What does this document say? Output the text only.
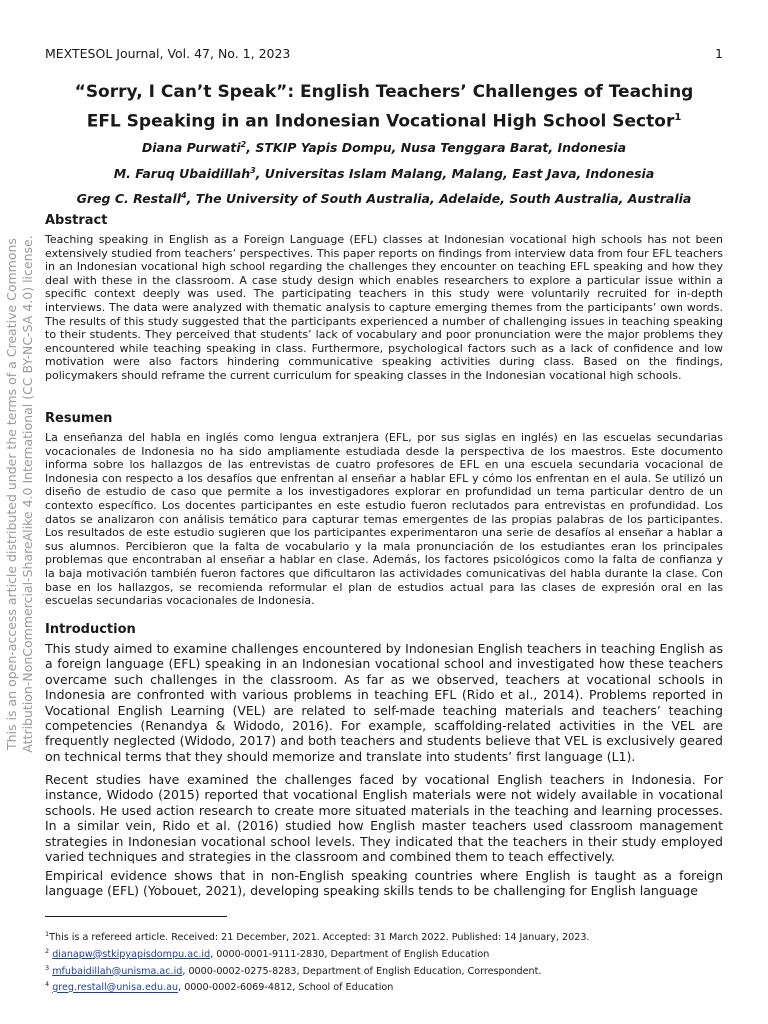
This is an open-access article distributed under the terms of a Creative Commons Attribution-NonCommercial-ShareAlike 4.0 International (CC BY-NC-SA 4.0) license.
MEXTESOL Journal, Vol. 47, No. 1, 2023	1
“Sorry, I Can’t Speak”: English Teachers’ Challenges of Teaching
EFL Speaking in an Indonesian Vocational High School Sector$^1$
Diana Purwati$^2$, STKIP Yapis Dompu, Nusa Tenggara Barat, Indonesia
M. Faruq Ubaidillah$^3$, Universitas Islam Malang, Malang, East Java, Indonesia
Greg C. Restall$^4$, The University of South Australia, Adelaide, South Australia, Australia
Abstract

Teaching speaking in English as a Foreign Language (EFL) classes at Indonesian vocational high schools has not been extensively studied from teachers’ perspectives. This paper reports on findings from interview data from four EFL teachers in an Indonesian vocational high school regarding the challenges they encounter on teaching EFL speaking and how they deal with these in the classroom. A case study design which enables researchers to explore a particular issue within a specific context deeply was used. The participating teachers in this study were voluntarily recruited for in-depth interviews. The data were analyzed with thematic analysis to capture emerging themes from the participants’ own words. The results of this study suggested that the participants experienced a number of challenging issues in teaching speaking to their students. They perceived that students’ lack of vocabulary and poor pronunciation were the major problems they encountered while teaching speaking in class. Furthermore, psychological factors such as a lack of confidence and low motivation were also factors hindering communicative speaking activities during class. Based on the findings, policymakers should reframe the current curriculum for speaking classes in the Indonesian vocational high schools.

Resumen

La enseñanza del habla en inglés como lengua extranjera (EFL, por sus siglas en inglés) en las escuelas secundarias vocacionales de Indonesia no ha sido ampliamente estudiada desde la perspectiva de los maestros. Este documento informa sobre los hallazgos de las entrevistas de cuatro profesores de EFL en una escuela secundaria vocacional de Indonesia con respecto a los desafíos que enfrentan al enseñar a hablar EFL y cómo los enfrentan en el aula. Se utilizó un diseño de estudio de caso que permite a los investigadores explorar en profundidad un tema particular dentro de un contexto específico. Los docentes participantes en este estudio fueron reclutados para entrevistas en profundidad. Los datos se analizaron con análisis temático para capturar temas emergentes de las propias palabras de los participantes. Los resultados de este estudio sugieren que los participantes experimentaron una serie de desafíos al enseñar a hablar a sus alumnos. Percibieron que la falta de vocabulario y la mala pronunciación de los estudiantes eran los principales problemas que encontraban al enseñar a hablar en clase. Además, los factores psicológicos como la falta de confianza y la baja motivación también fueron factores que dificultaron las actividades comunicativas del habla durante la clase. Con base en los hallazgos, se recomienda reformular el plan de estudios actual para las clases de expresión oral en las escuelas secundarias vocacionales de Indonesia.

Introduction

This study aimed to examine challenges encountered by Indonesian English teachers in teaching English as a foreign language (EFL) speaking in an Indonesian vocational school and investigated how these teachers overcame such challenges in the classroom. As far as we observed, teachers at vocational schools in Indonesia are confronted with various problems in teaching EFL (Rido et al., 2014). Problems reported in Vocational English Learning (VEL) are related to self-made teaching materials and teachers’ teaching competencies (Renandya & Widodo, 2016). For example, scaffolding-related activities in the VEL are frequently neglected (Widodo, 2017) and both teachers and students believe that VEL is exclusively geared on technical terms that they should memorize and translate into students’ first language (L1).

Recent studies have examined the challenges faced by vocational English teachers in Indonesia. For instance, Widodo (2015) reported that vocational English materials were not widely available in vocational schools. He used action research to create more situated materials in the teaching and learning processes. In a similar vein, Rido et al. (2016) studied how English master teachers used classroom management strategies in Indonesian vocational school levels. They indicated that the teachers in their study employed varied techniques and strategies in the classroom and combined them to teach effectively.

Empirical evidence shows that in non-English speaking countries where English is taught as a foreign language (EFL) (Yobouet, 2021), developing speaking skills tends to be challenging for English language

$^1$This is a refereed article. Received: 21 December, 2021. Accepted: 31 March 2022. Published: 14 January, 2023.
$^2$ dianapw@stkipyapisdompu.ac.id, 0000-0001-9111-2830, Department of English Education
$^3$ mfubaidillah@unisma.ac.id, 0000-0002-0275-8283, Department of English Education, Correspondent.
$^4$ greg.restall@unisa.edu.au, 0000-0002-6069-4812, School of Education
